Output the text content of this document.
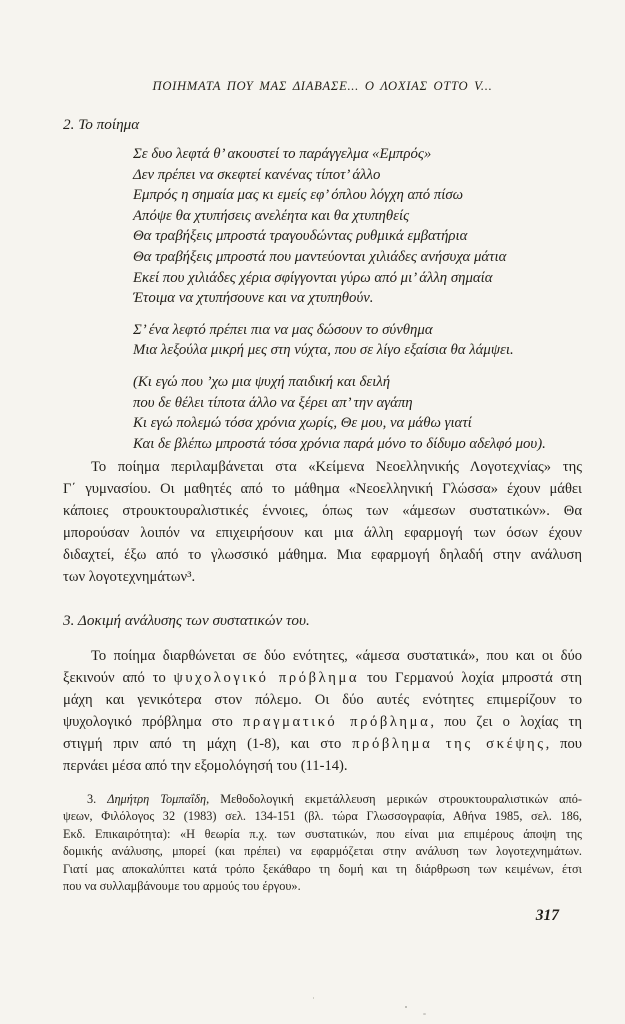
ΠΟΙΗΜΑΤΑ ΠΟΥ ΜΑΣ ΔΙΑΒΑΣΕ... Ο ΛΟΧΙΑΣ ΟΤΤΟ V...
2. Το ποίημα
Σε δυο λεφτά θ’ ακουστεί το παράγγελμα «Εμπρός»
Δεν πρέπει να σκεφτεί κανένας τίποτ’ άλλο
Εμπρός η σημαία μας κι εμείς εφ’ όπλου λόγχη από πίσω
Απόψε θα χτυπήσεις ανελέητα και θα χτυπηθείς
Θα τραβήξεις μπροστά τραγουδώντας ρυθμικά εμβατήρια
Θα τραβήξεις μπροστά που μαντεύονται χιλιάδες ανήσυχα μάτια
Εκεί που χιλιάδες χέρια σφίγγονται γύρω από μι’ άλλη σημαία
Έτοιμα να χτυπήσουνε και να χτυπηθούν.
Σ’ ένα λεφτό πρέπει πια να μας δώσουν το σύνθημα
Μια λεξούλα μικρή μες στη νύχτα, που σε λίγο εξαίσια θα λάμψει.
(Κι εγώ που ’χω μια ψυχή παιδική και δειλή
που δε θέλει τίποτα άλλο να ξέρει απ’ την αγάπη
Κι εγώ πολεμώ τόσα χρόνια χωρίς, Θε μου, να μάθω γιατί
Και δε βλέπω μπροστά τόσα χρόνια παρά μόνο το δίδυμο αδελφό μου).
Το ποίημα περιλαμβάνεται στα «Κείμενα Νεοελληνικής Λογοτεχνίας» της
Γ΄ γυμνασίου. Οι μαθητές από το μάθημα «Νεοελληνική Γλώσσα» έχουν μάθει
κάποιες στρουκτουραλιστικές έννοιες, όπως των «άμεσων συστατικών». Θα
μπορούσαν λοιπόν να επιχειρήσουν και μια άλλη εφαρμογή των όσων έχουν
διδαχτεί, έξω από το γλωσσικό μάθημα. Μια εφαρμογή δηλαδή στην ανάλυση
των λογοτεχνημάτων³.
3. Δοκιμή ανάλυσης των συστατικών του.
Το ποίημα διαρθώνεται σε δύο ενότητες, «άμεσα συστατικά», που και οι δύο
ξεκινούν από το ψυχολογικό πρόβλημα του Γερμανού λοχία μπροστά στη
μάχη και γενικότερα στον πόλεμο. Οι δύο αυτές ενότητες επιμερίζουν το
ψυχολογικό πρόβλημα στο πραγματικό πρόβλημα, που ζει ο λοχίας τη
στιγμή πριν από τη μάχη (1-8), και στο πρόβλημα της σκέψης, που
περνάει μέσα από την εξομολόγησή του (11-14).
3. Δημήτρη Τομπαΐδη, Μεθοδολογική εκμετάλλευση μερικών στρουκτουραλιστικών από-
ψεων, Φιλόλογος 32 (1983) σελ. 134-151 (βλ. τώρα Γλωσσογραφία, Αθήνα 1985, σελ. 186,
Εκδ. Επικαιρότητα): «Η θεωρία π.χ. των συστατικών, που είναι μια επιμέρους άποψη της
δομικής ανάλυσης, μπορεί (και πρέπει) να εφαρμόζεται στην ανάλυση των λογοτεχνημάτων.
Γιατί μας αποκαλύπτει κατά τρόπο ξεκάθαρο τη δομή και τη διάρθρωση των κειμένων, έτσι
που να συλλαμβάνουμε του αρμούς του έργου».
317
